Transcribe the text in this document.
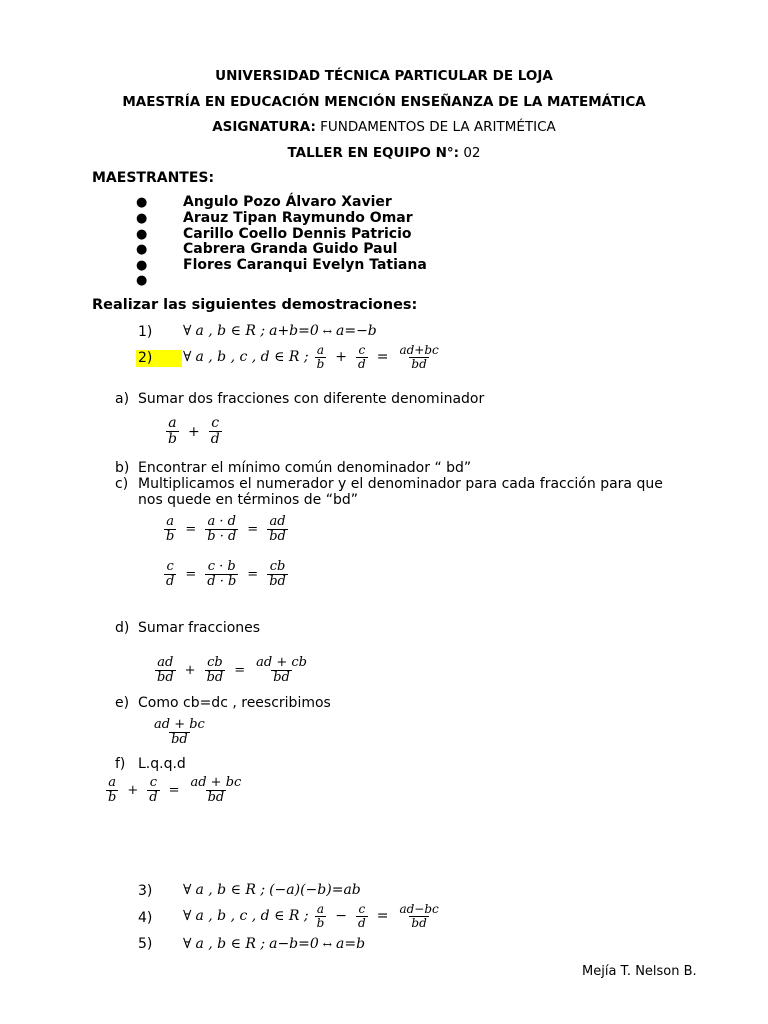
UNIVERSIDAD TÉCNICA PARTICULAR DE LOJA
MAESTRÍA EN EDUCACIÓN MENCIÓN ENSEÑANZA DE LA MATEMÁTICA
ASIGNATURA: FUNDAMENTOS DE LA ARITMÉTICA
TALLER EN EQUIPO N°: 02
MAESTRANTES:
●	Angulo Pozo Álvaro Xavier
●	Arauz Tipan Raymundo Omar
●	Carillo Coello Dennis Patricio
●	Cabrera Granda Guido Paul
●	Flores Caranqui Evelyn Tatiana
●
Realizar las siguientes demostraciones:
1) ∀ a , b ∈ R ; a+b=0 ↔ a=−b
2) ∀ a , b , c , d ∈ R ; $\frac{a}{b} + \frac{c}{d} = \frac{ad+bc}{bd}$
a) Sumar dos fracciones con diferente denominador
$\frac{a}{b} + \frac{c}{d}$
b) Encontrar el mínimo común denominador “ bd”
c) Multiplicamos el numerador y el denominador para cada fracción para que
nos quede en términos de “bd”
$\frac{a}{b} = \frac{a \cdot d}{b \cdot d} = \frac{ad}{bd}$
$\frac{c}{d} = \frac{c \cdot b}{d \cdot b} = \frac{cb}{bd}$
d) Sumar fracciones
$\frac{ad}{bd} + \frac{cb}{bd} = \frac{ad + cb}{bd}$
e) Como cb=dc , reescribimos
$\frac{ad + bc}{bd}$
f) L.q.q.d
$\frac{a}{b} + \frac{c}{d} = \frac{ad + bc}{bd}$
3) ∀ a , b ∈ R ; (−a)(−b)=ab
4) ∀ a , b , c , d ∈ R ; $\frac{a}{b} - \frac{c}{d} = \frac{ad-bc}{bd}$
5) ∀ a , b ∈ R ; a−b=0 ↔ a=b
Mejía T. Nelson B.
